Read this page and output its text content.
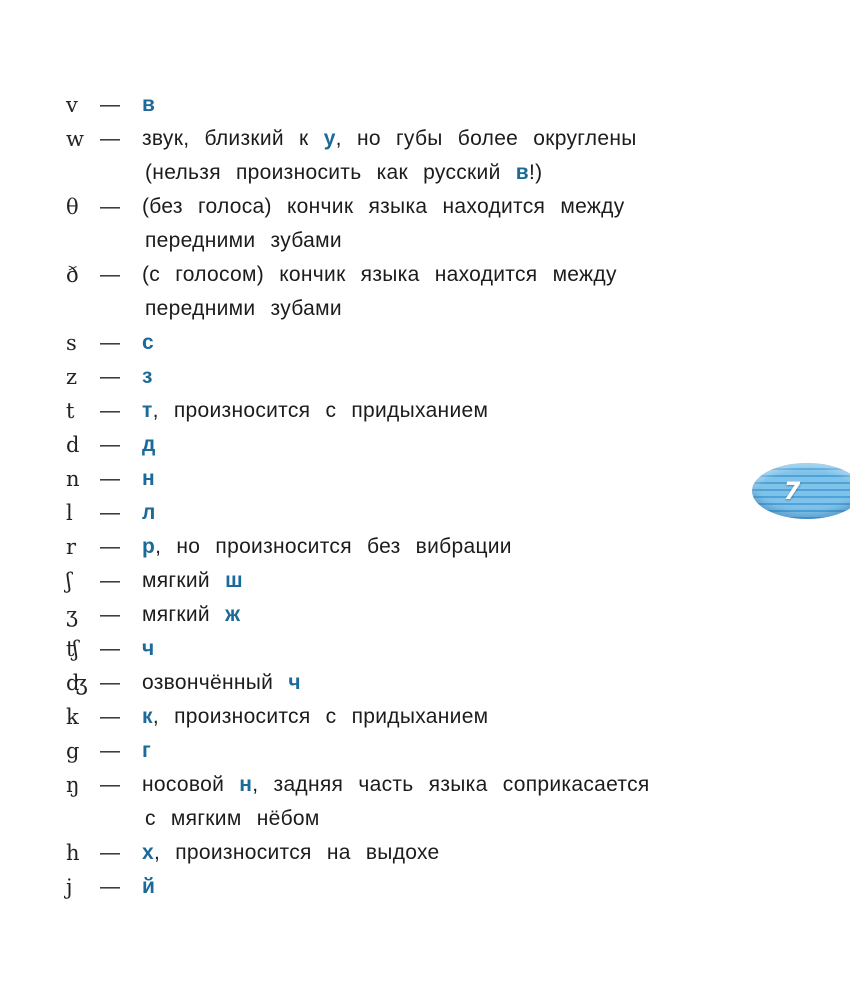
v	—	в
w —	звук, близкий к у, но губы более округлены
(нельзя произносить как русский в!)
θ	—	(без голоса) кончик языка находится между
передними зубами
ð	—	(с голосом) кончик языка находится между
передними зубами
s	—	с
z	—	з
t	—	т, произносится с придыханием
d	—	д
n	—	н
l	—	л
r	—	р, но произносится без вибрации
ʃ	—	мягкий ш
ʒ	—	мягкий ж
ʧ	—	ч
ʤ —	озвончённый ч
k	—	к, произносится с придыханием
g	—	г
ŋ	—	носовой н, задняя часть языка соприкасается
с мягким нёбом
h	—	х, произносится на выдохе
j	—	й
7
